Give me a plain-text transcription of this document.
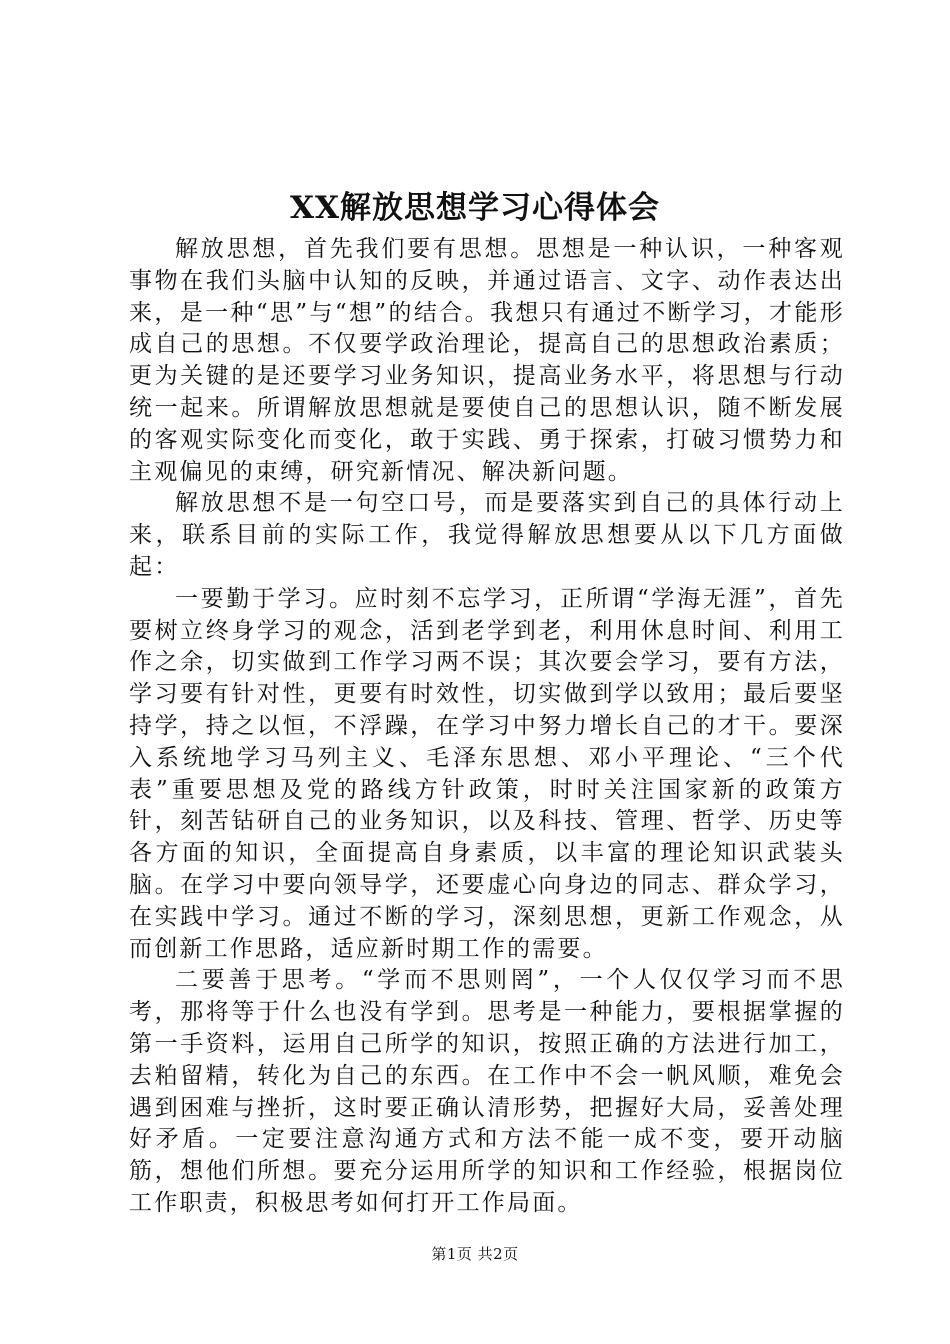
XX解放思想学习心得体会

解放思想，首先我们要有思想。思想是一种认识，一种客观事物在我们头脑中认知的反映，并通过语言、文字、动作表达出来，是一种“思”与“想”的结合。我想只有通过不断学习，才能形成自己的思想。不仅要学政治理论，提高自己的思想政治素质；更为关键的是还要学习业务知识，提高业务水平，将思想与行动统一起来。所谓解放思想就是要使自己的思想认识，随不断发展的客观实际变化而变化，敢于实践、勇于探索，打破习惯势力和主观偏见的束缚，研究新情况、解决新问题。

解放思想不是一句空口号，而是要落实到自己的具体行动上来，联系目前的实际工作，我觉得解放思想要从以下几方面做起：

一要勤于学习。应时刻不忘学习，正所谓“学海无涯”，首先要树立终身学习的观念，活到老学到老，利用休息时间、利用工作之余，切实做到工作学习两不误；其次要会学习，要有方法，学习要有针对性，更要有时效性，切实做到学以致用；最后要坚持学，持之以恒，不浮躁，在学习中努力增长自己的才干。要深入系统地学习马列主义、毛泽东思想、邓小平理论、“三个代表”重要思想及党的路线方针政策，时时关注国家新的政策方针，刻苦钻研自己的业务知识，以及科技、管理、哲学、历史等各方面的知识，全面提高自身素质，以丰富的理论知识武装头脑。在学习中要向领导学，还要虚心向身边的同志、群众学习，在实践中学习。通过不断的学习，深刻思想，更新工作观念，从而创新工作思路，适应新时期工作的需要。

二要善于思考。“学而不思则罔”，一个人仅仅学习而不思考，那将等于什么也没有学到。思考是一种能力，要根据掌握的第一手资料，运用自己所学的知识，按照正确的方法进行加工，去粕留精，转化为自己的东西。在工作中不会一帆风顺，难免会遇到困难与挫折，这时要正确认清形势，把握好大局，妥善处理好矛盾。一定要注意沟通方式和方法不能一成不变，要开动脑筋，想他们所想。要充分运用所学的知识和工作经验，根据岗位工作职责，积极思考如何打开工作局面。

第1页 共2页
